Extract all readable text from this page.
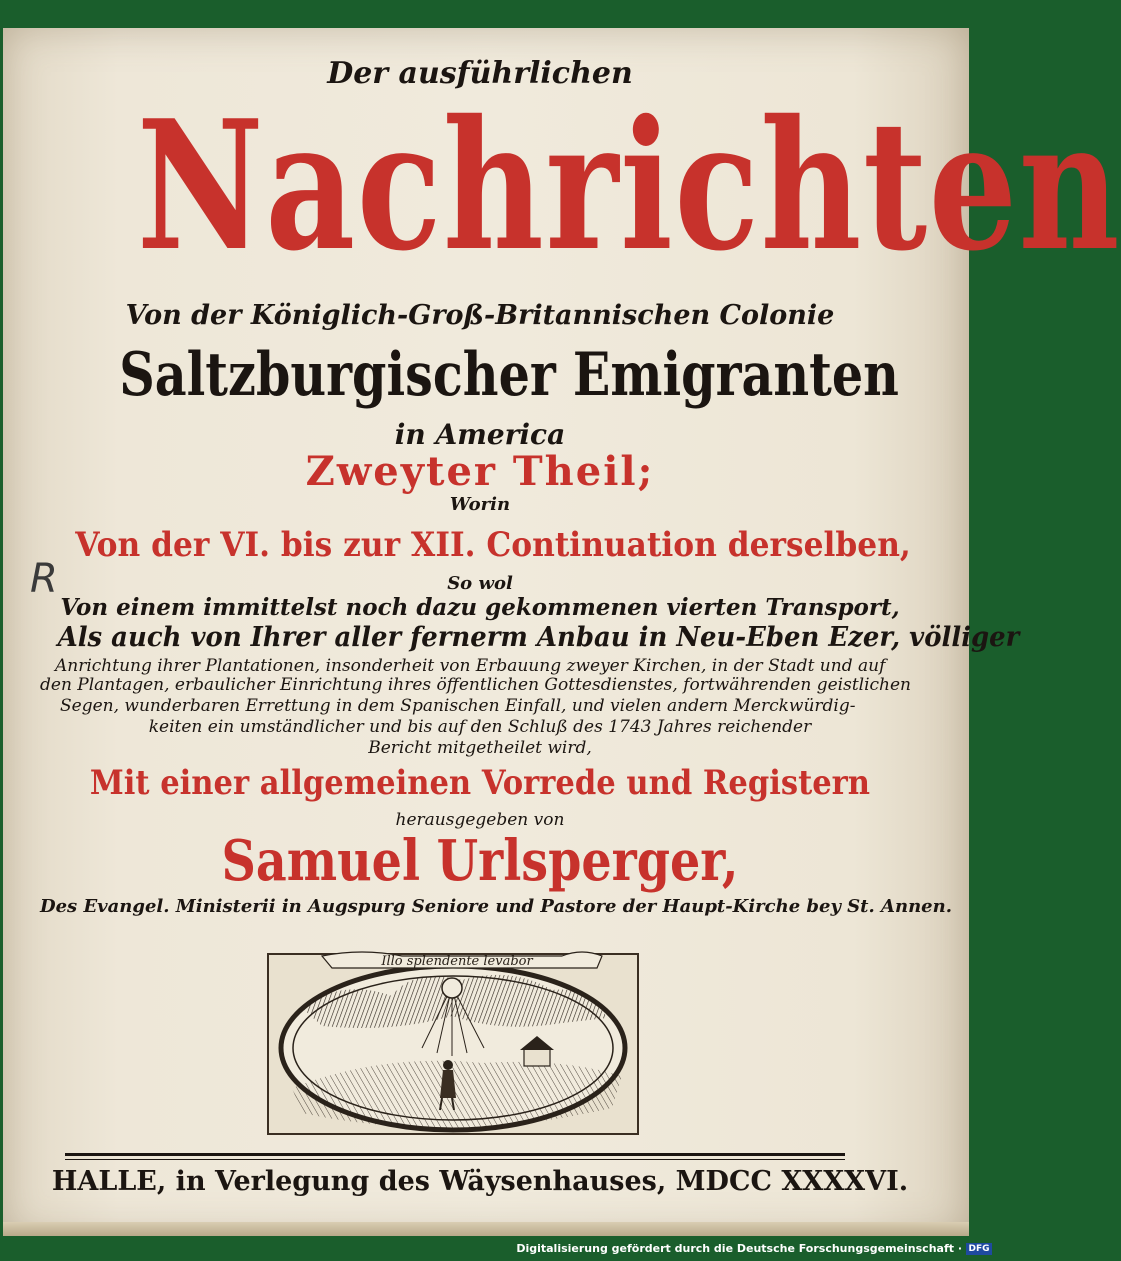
R
Der ausführlichen
Nachrichten
Von der Königlich-Groß-Britannischen Colonie
Saltzburgischer Emigranten
in America
Zweyter Theil;
Worin
Von der VI. bis zur XII. Continuation derselben,
So wol
Von einem immittelst noch dazu gekommenen vierten Transport,
Als auch von Ihrer aller fernerm Anbau in Neu-Eben Ezer, völliger
Anrichtung ihrer Plantationen, insonderheit von Erbauung zweyer Kirchen, in der Stadt und auf
den Plantagen, erbaulicher Einrichtung ihres öffentlichen Gottesdienstes, fortwährenden geistlichen
Segen, wunderbaren Errettung in dem Spanischen Einfall, und vielen andern Merckwürdig-
keiten ein umständlicher und bis auf den Schluß des 1743 Jahres reichender
Bericht mitgetheilet wird,
Mit einer allgemeinen Vorrede und Registern
herausgegeben von
Samuel Urlsperger,
Des Evangel. Ministerii in Augspurg Seniore und Pastore der Haupt-Kirche bey St. Annen.
Illo splendente levabor
HALLE, in Verlegung des Wäysenhauses, MDCC XXXXVI.
Digitalisierung gefördert durch die Deutsche Forschungsgemeinschaft · DFG
